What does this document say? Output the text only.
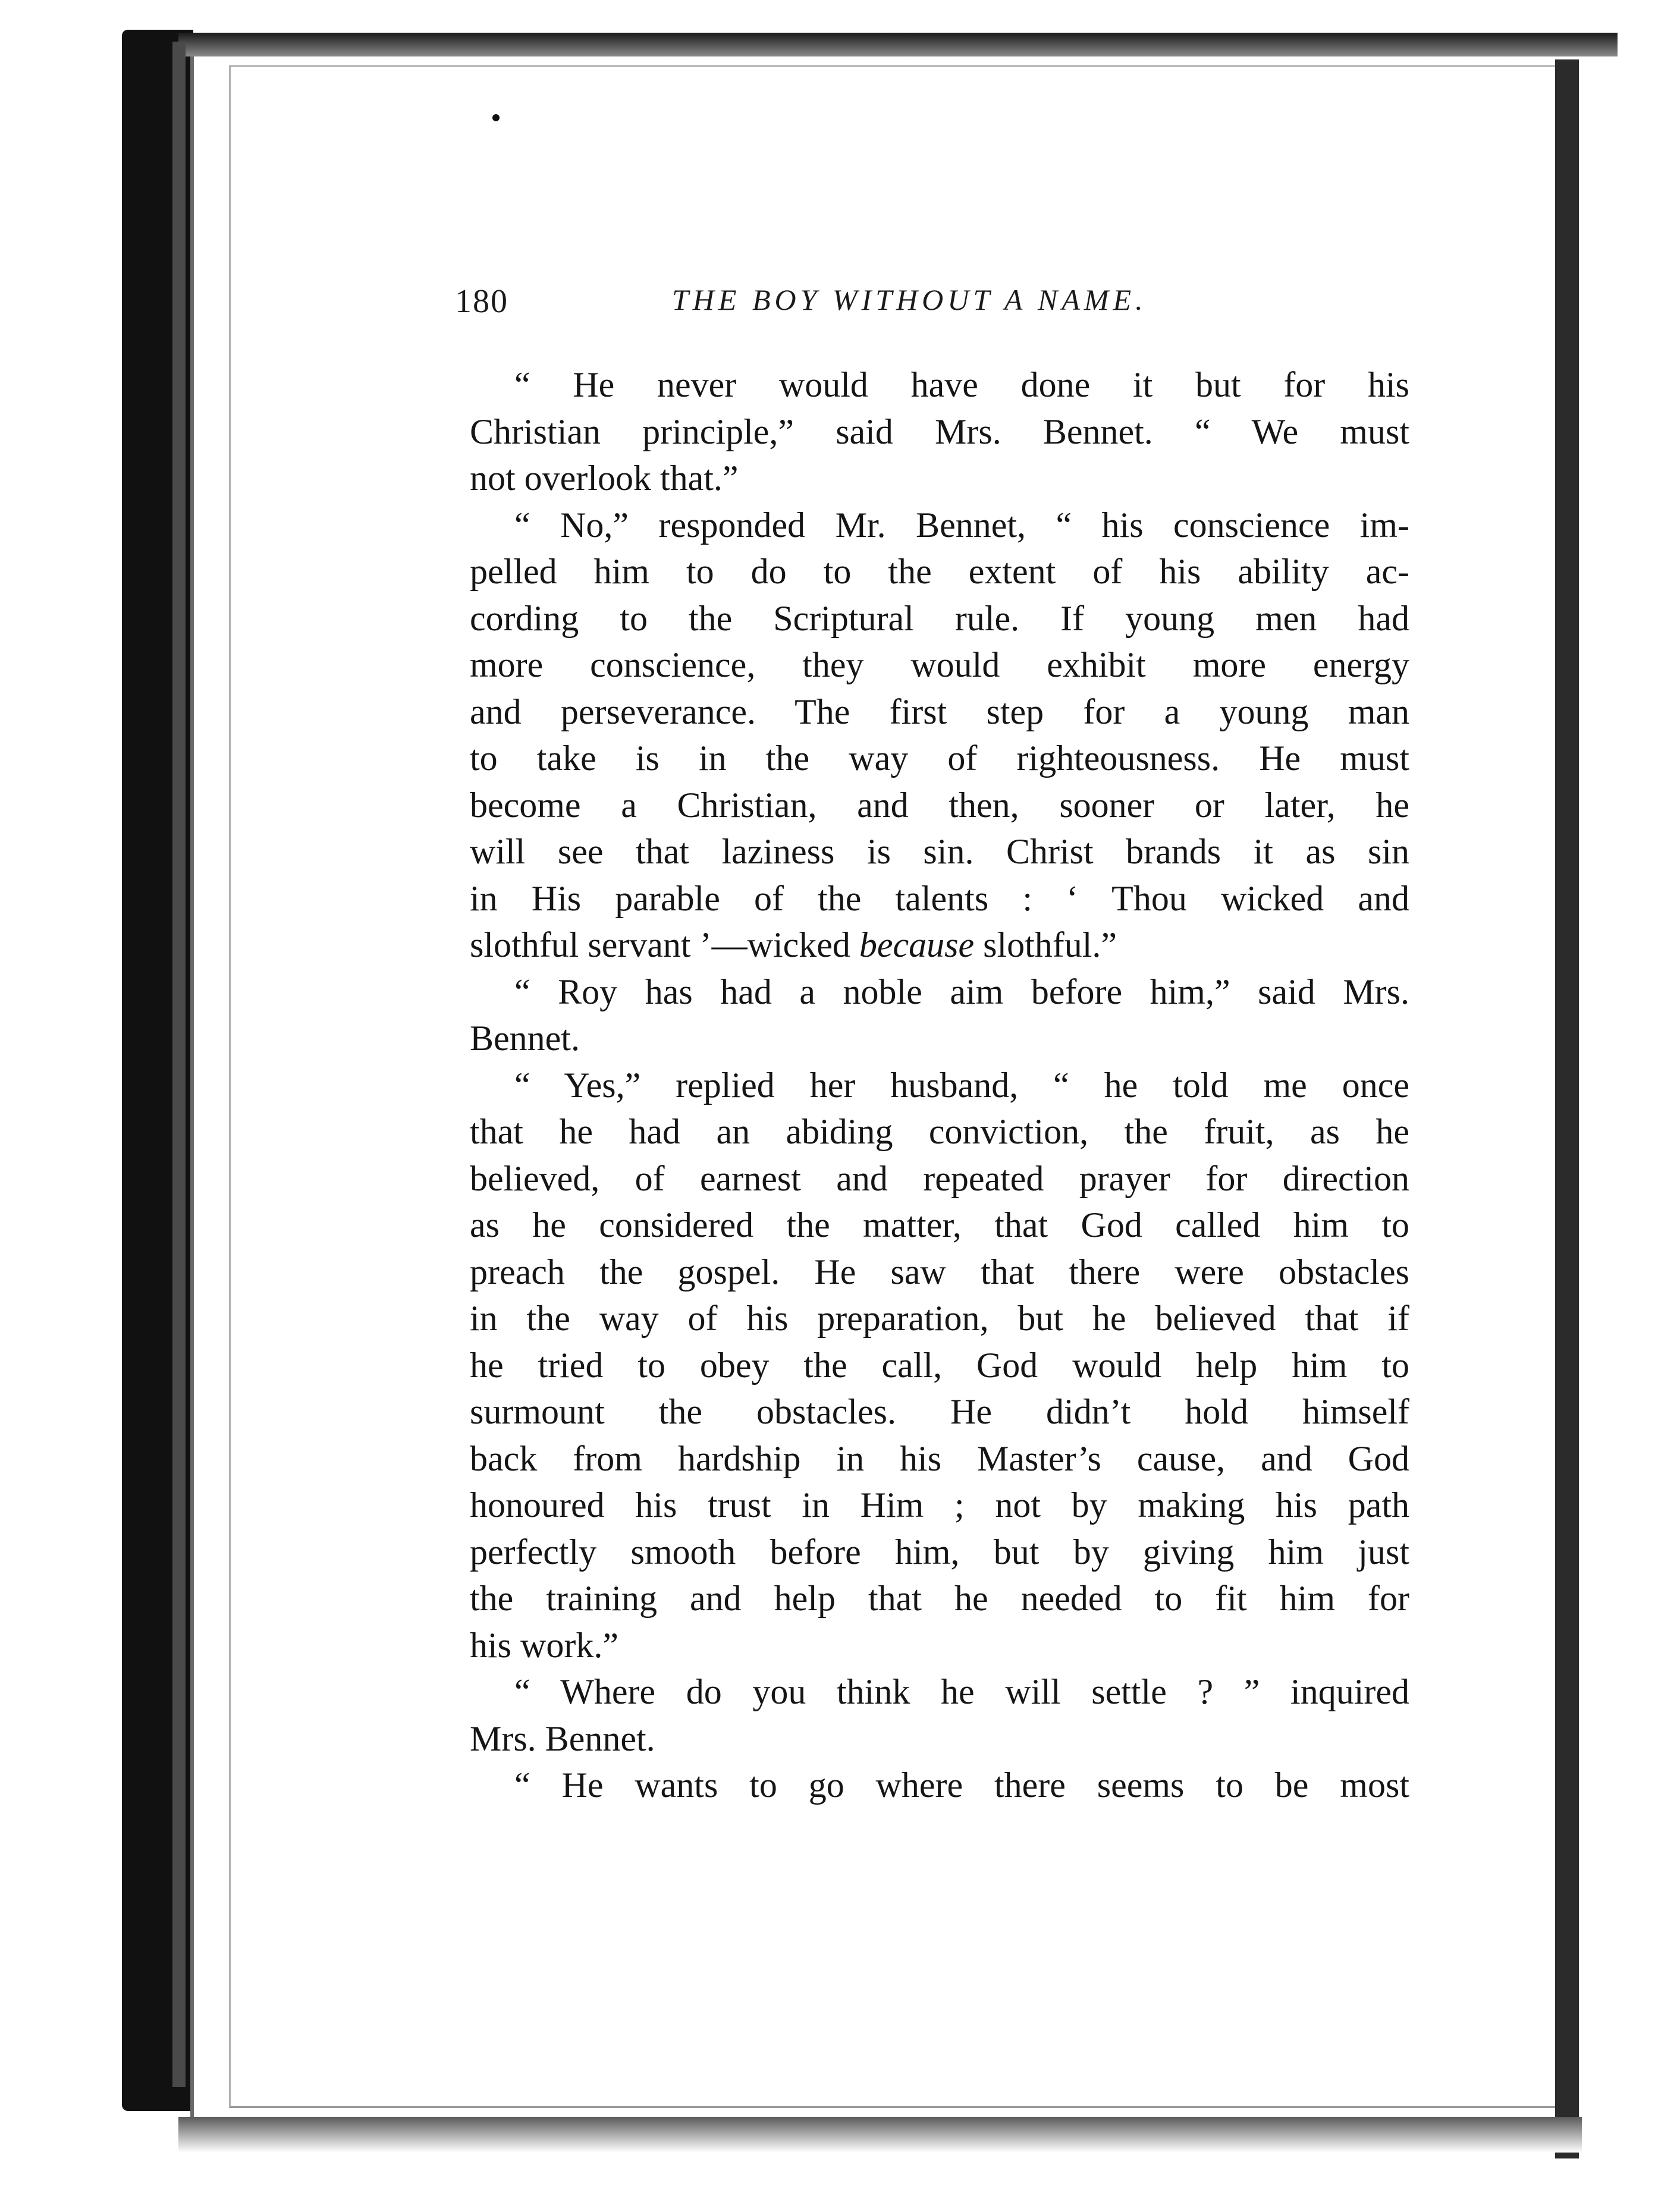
180	THE BOY WITHOUT A NAME.
“ He never would have done it but for his
Christian principle,” said Mrs. Bennet. “ We must
not overlook that.”
“ No,” responded Mr. Bennet, “ his conscience im-
pelled him to do to the extent of his ability ac-
cording to the Scriptural rule. If young men had
more conscience, they would exhibit more energy
and perseverance. The first step for a young man
to take is in the way of righteousness. He must
become a Christian, and then, sooner or later, he
will see that laziness is sin. Christ brands it as sin
in His parable of the talents : ‘ Thou wicked and
slothful servant ’—wicked because slothful.”
“ Roy has had a noble aim before him,” said Mrs.
Bennet.
“ Yes,” replied her husband, “ he told me once
that he had an abiding conviction, the fruit, as he
believed, of earnest and repeated prayer for direction
as he considered the matter, that God called him to
preach the gospel. He saw that there were obstacles
in the way of his preparation, but he believed that if
he tried to obey the call, God would help him to
surmount the obstacles. He didn’t hold himself
back from hardship in his Master’s cause, and God
honoured his trust in Him ; not by making his path
perfectly smooth before him, but by giving him just
the training and help that he needed to fit him for
his work.”
“ Where do you think he will settle ? ” inquired
Mrs. Bennet.
“ He wants to go where there seems to be most
